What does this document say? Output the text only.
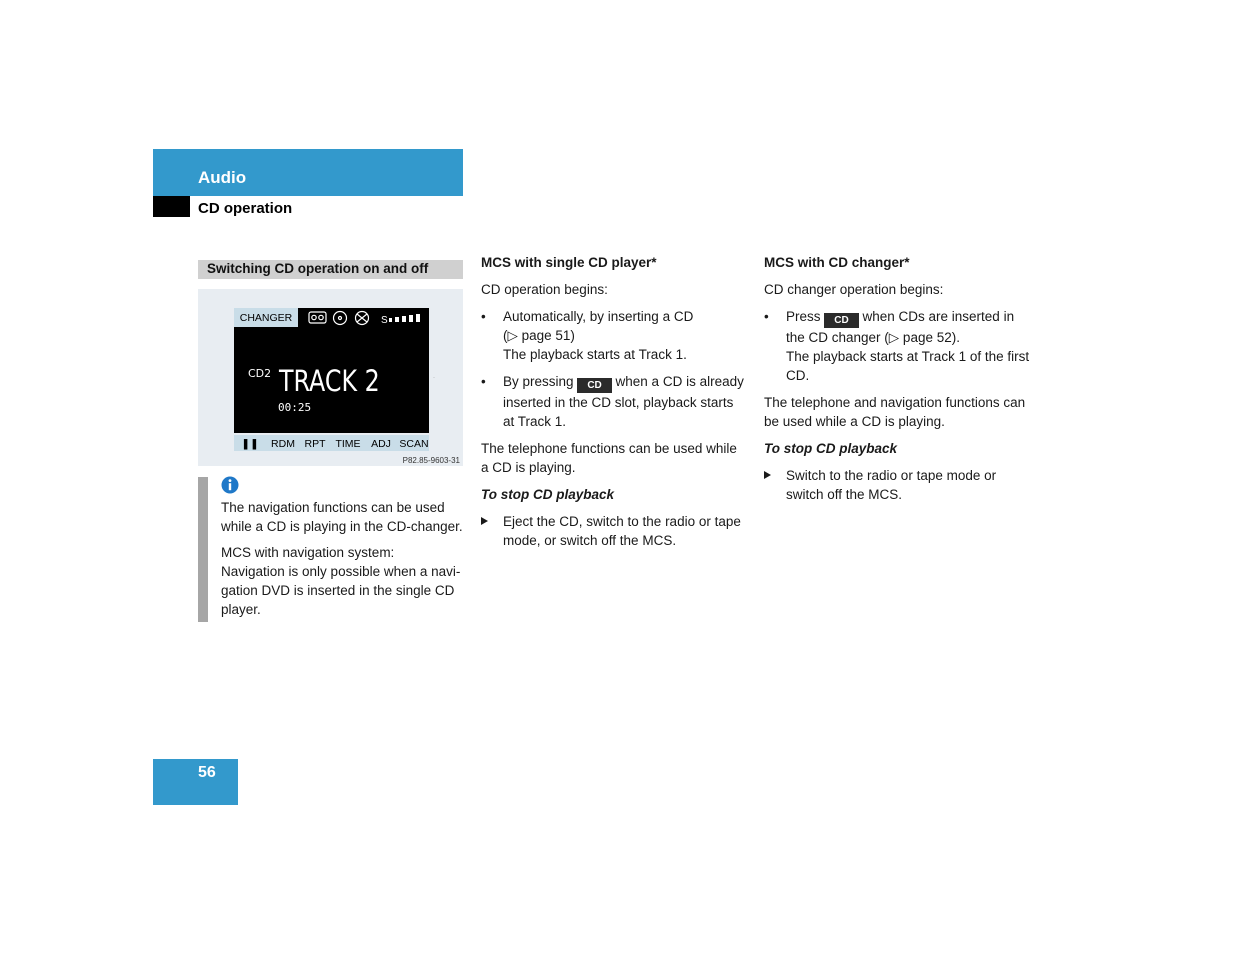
Audio
CD operation
Switching CD operation on and off
CHANGER	S
CD2 TRACK 2
00:25
·
❚❚ RDM RPT TIME ADJ SCAN
P82.85-9603-31

The navigation functions can be used while a CD is playing in the CD-changer.

MCS with navigation system:
Navigation is only possible when a navi-gation DVD is inserted in the single CD player.

MCS with single CD player*

CD operation begins:

• Automatically, by inserting a CD
(▷ page 51)
The playback starts at Track 1.
• By pressing CD when a CD is already inserted in the CD slot, playback starts at Track 1.

The telephone functions can be used while a CD is playing.

To stop CD playback
Eject the CD, switch to the radio or tape mode, or switch off the MCS.
MCS with CD changer*

CD changer operation begins:

• Press CD when CDs are inserted in the CD changer (▷ page 52).
The playback starts at Track 1 of the first CD.

The telephone and navigation functions can be used while a CD is playing.

To stop CD playback
Switch to the radio or tape mode or switch off the MCS.
56
